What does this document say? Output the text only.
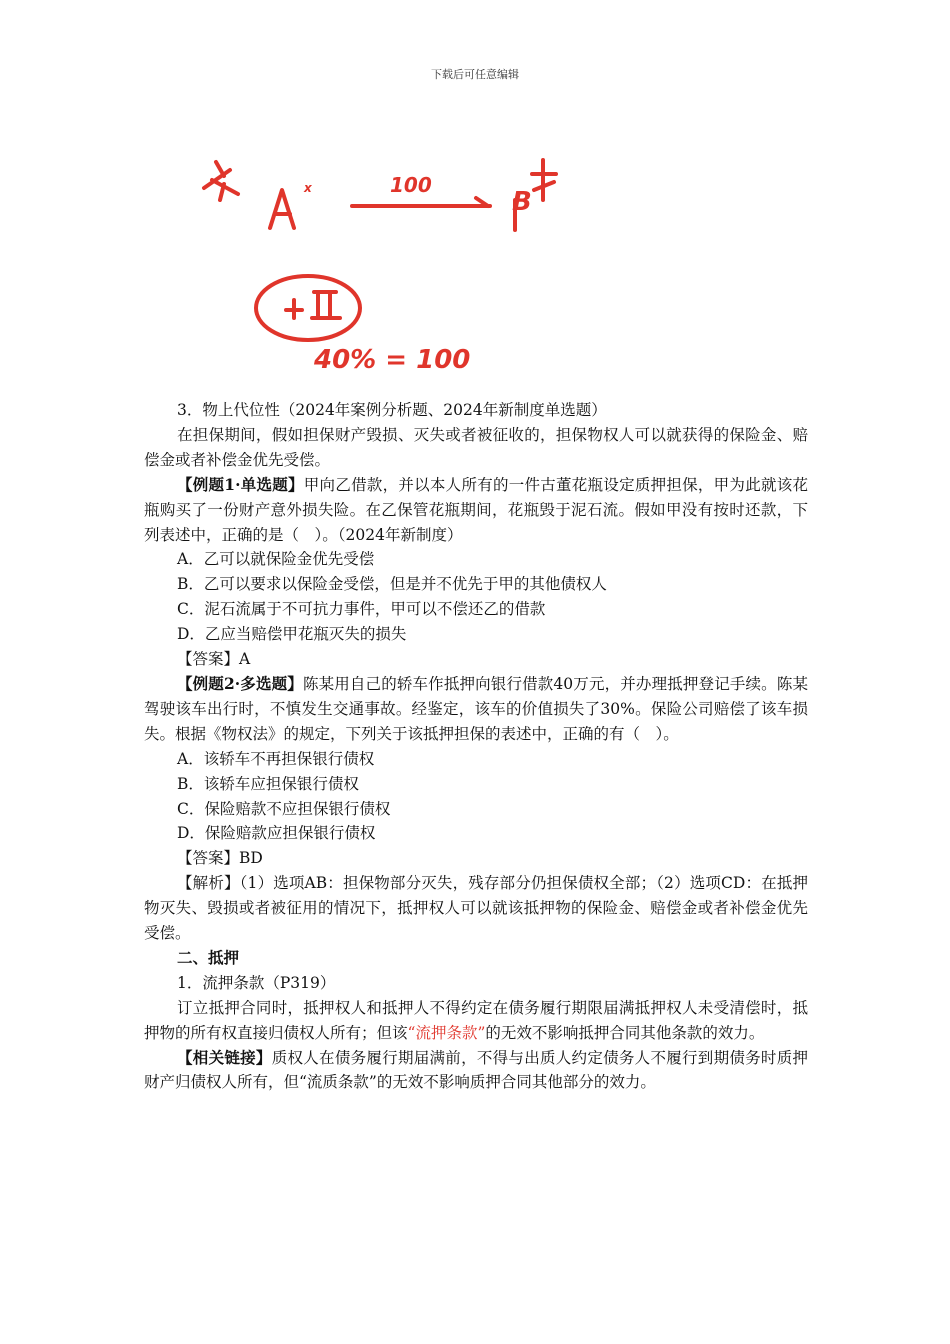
下载后可任意编辑
x	100
B
40% = 100

3．物上代位性（2024年案例分析题、2024年新制度单选题）

在担保期间，假如担保财产毁损、灭失或者被征收的，担保物权人可以就获得的保险金、赔偿金或者补偿金优先受偿。

【例题1·单选题】甲向乙借款，并以本人所有的一件古董花瓶设定质押担保，甲为此就该花瓶购买了一份财产意外损失险。在乙保管花瓶期间，花瓶毁于泥石流。假如甲没有按时还款，下列表述中，正确的是（　）。（2024年新制度）

A．乙可以就保险金优先受偿

B．乙可以要求以保险金受偿，但是并不优先于甲的其他债权人

C．泥石流属于不可抗力事件，甲可以不偿还乙的借款

D．乙应当赔偿甲花瓶灭失的损失

【答案】A

【例题2·多选题】陈某用自己的轿车作抵押向银行借款40万元，并办理抵押登记手续。陈某驾驶该车出行时，不慎发生交通事故。经鉴定，该车的价值损失了30%。保险公司赔偿了该车损失。根据《物权法》的规定，下列关于该抵押担保的表述中，正确的有（　）。

A．该轿车不再担保银行债权

B．该轿车应担保银行债权

C．保险赔款不应担保银行债权

D．保险赔款应担保银行债权

【答案】BD

【解析】（1）选项AB：担保物部分灭失，残存部分仍担保债权全部；（2）选项CD：在抵押物灭失、毁损或者被征用的情况下，抵押权人可以就该抵押物的保险金、赔偿金或者补偿金优先受偿。

二、抵押

1．流押条款（P319）

订立抵押合同时，抵押权人和抵押人不得约定在债务履行期限届满抵押权人未受清偿时，抵押物的所有权直接归债权人所有；但该“流押条款”的无效不影响抵押合同其他条款的效力。

【相关链接】质权人在债务履行期届满前，不得与出质人约定债务人不履行到期债务时质押财产归债权人所有，但“流质条款”的无效不影响质押合同其他部分的效力。
